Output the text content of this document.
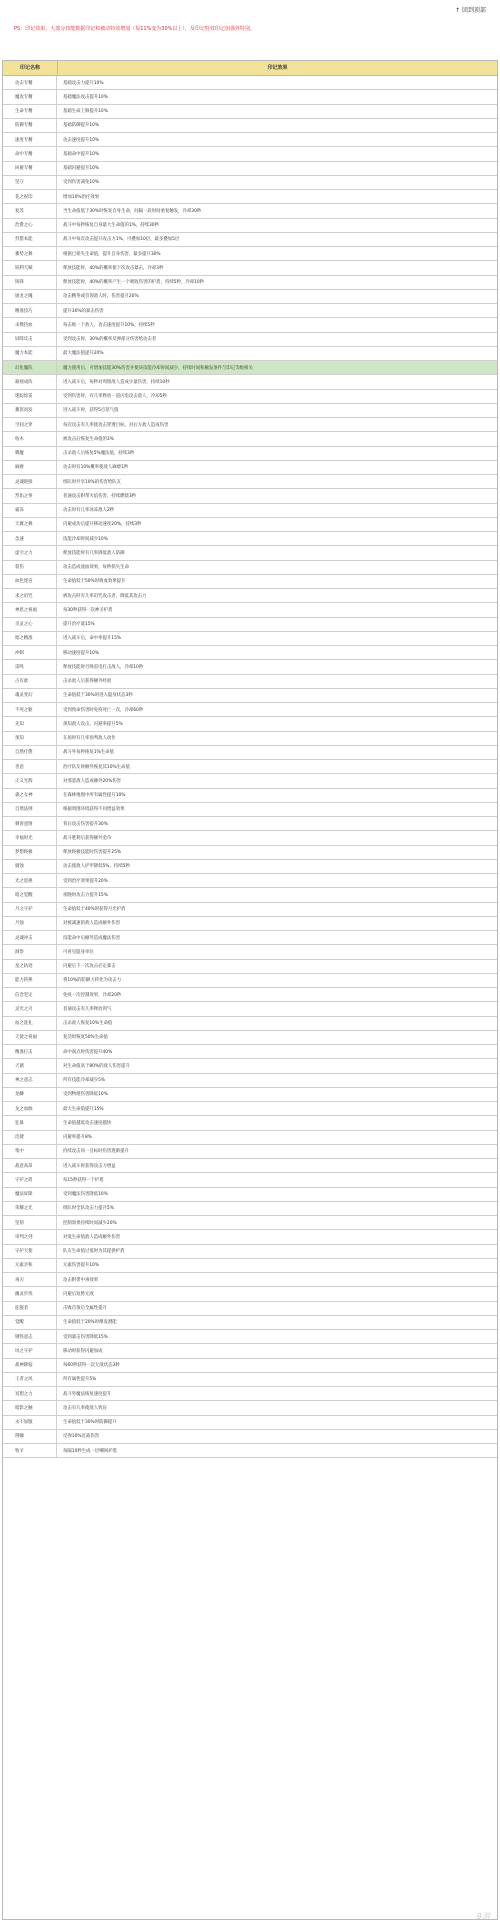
↑ 回到顶部
PS：印记效果、大部分技能数据印记和被动特效增加（每11%变为30%以上），及印记特效印记加强外特别。
印记名称	印记效果
攻击专精	基础攻击力提升10%
魔攻专精	基础魔法攻击提升10%
生命专精	基础生命上限提升10%
防御专精	基础防御提升10%
速度专精	攻击速度提升10%
命中专精	基础命中提升10%
回避专精	基础闪避提升10%
坚守	受到伤害减免10%
花之祝印	增加10%治疗效果
复苏	当生命值低于30%时恢复自身生命，间隔一段时间重复触发，冷却30秒
治愈之心	战斗中每秒恢复自身最大生命值的1%，持续30秒
狩猎本能	战斗中每次攻击提升攻击力1%，可叠加10层，最多叠加5层
蓄势之舞	根据已损失生命值，提升自身伤害，最多提升30%
锐利天赋	释放技能时，40%的概率使下次攻击暴击，冷却3秒
铸锋	释放技能时，40%的概率产生一个吸收伤害的护盾，持续5秒，冷却10秒
屠龙之魄	攻击精英或首领敌人时，伤害提升20%
精准技巧	提升30%的暴击伤害
杀戮热血	每击败一个敌人，攻击速度提升10%，持续5秒
屏障反击	受到攻击时，30%的概率反弹部分伤害给攻击者
魔力本能	最大魔法值提升20%
幻化魔阵	魔力使用后，可增加技能30%伤害并使该技能冷却时间减少，持续时间和触发条件与印记等级相关
凝视成阵	进入战斗后，每秒对周围敌人造成少量伤害，持续10秒
迷踪惊雷	受到伤害时，有几率释放一道闪电攻击敌人，冷却5秒
蓄怒而发	进入战斗时，获得5点怒气值
空间之穿	每次攻击有几率使攻击穿透目标，对后方敌人造成伤害
枯木	被攻击后恢复生命值的3%
嗜魔	击杀敌人后恢复5%魔法值，持续3秒
麻痹	攻击时有10%概率使敌人麻痹1秒
灵魂链接	组队时共享10%的伤害给队友
烈焰之拳	普通攻击附带火焰伤害，持续燃烧3秒
霜冻	攻击时有几率冰冻敌人2秒
天翼之舞	闪避成功后提升移动速度20%，持续3秒
急速	技能冷却时间减少10%
虚空之力	释放技能时有几率降低敌人防御
裂伤	攻击造成流血效果，每秒损失生命
血色迷宫	生命值低于50%时吸血效果提升
求之诅咒	被攻击时有几率诅咒攻击者，降低其攻击力
神恩之祝福	每30秒获得一次神圣护盾
圣灵之心	提升治疗量15%
暗之精准	进入战斗后，命中率提升15%
冲刺	移动速度提升10%
雷鸣	释放技能时召唤雷电打击敌人，冷却10秒
占有欲	击杀敌人后获得额外经验
魂灵变幻	生命值低于30%时进入隐身状态3秒
不死之躯	受到致命伤害时免疫死亡一次，冷却60秒
先知	预知敌人攻击，闪避率提升5%
预知	在场时有几率预判敌人动作
自然疗愈	战斗外每秒恢复1%生命值
善意	治疗队友时额外恢复其10%生命值
正义光辉	对邪恶敌人造成额外20%伤害
森之女神	在森林地图中所有属性提升10%
自然法则	根据周围环境获得不同增益效果
刺客意图	背后攻击伤害提升30%
幸福时光	战斗胜利后获得额外金币
梦想终极	释放终极技能时伤害提升25%
腐蚀	攻击使敌人护甲降低5%，持续5秒
光之恩惠	受到治疗效果提升20%
暗之觉醒	夜晚时攻击力提升15%
月之守护	生命值低于40%时获得月光护盾
月蚀	对被减速的敌人造成额外伤害
灵魂冲击	技能命中后额外造成魔法伤害
洞察	可看见隐身单位
星之轨迹	闪避后下一次攻击必定暴击
能力转换	将10%的防御力转化为攻击力
信念坚定	免疫一次控制效果，冷却20秒
灵光之刃	普通攻击有几率释放剑气
血之洗礼	击杀敌人恢复10%生命值
天使之祝福	复活时恢复50%生命值
精准打击	命中弱点时伤害提升40%
天谴	对生命值高于80%的敌人伤害提升
神之意志	所有技能冷却减少5%
龙鳞	受到物理伤害降低10%
龙之血脉	最大生命值提升15%
狂暴	生命值越低攻击速度越快
迅捷	闪避率提升8%
集中	持续攻击同一目标时伤害逐渐提升
战意高昂	进入战斗时获得攻击力增益
守护之盾	每15秒获得一个护盾
魔法屏障	受到魔法伤害降低10%
荣耀之光	组队时全队攻击力提升5%
坚韧	控制效果持续时间减少20%
审判之剑	对低生命值敌人造成额外伤害
守护天使	队友生命值过低时为其提供护盾
元素亲和	元素伤害提升10%
毒刃	攻击附带中毒效果
幽灵步伐	闪避后短暂无敌
征服者	击败首领后全属性提升
觉醒	生命值低于20%时爆发潜能
钢铁意志	受到暴击伤害降低15%
风之守护	移动时获得闪避加成
战神降临	每60秒获得一次无敌状态3秒
王者之风	所有属性提升5%
冥想之力	战斗外魔法恢复速度提升
暗影之触	攻击有几率使敌人致盲
永不屈服	生命值低于30%时防御提升
荆棘	反弹10%近战伤害
牧羊	每隔10秒生成一层嘲讽护盾
9游
